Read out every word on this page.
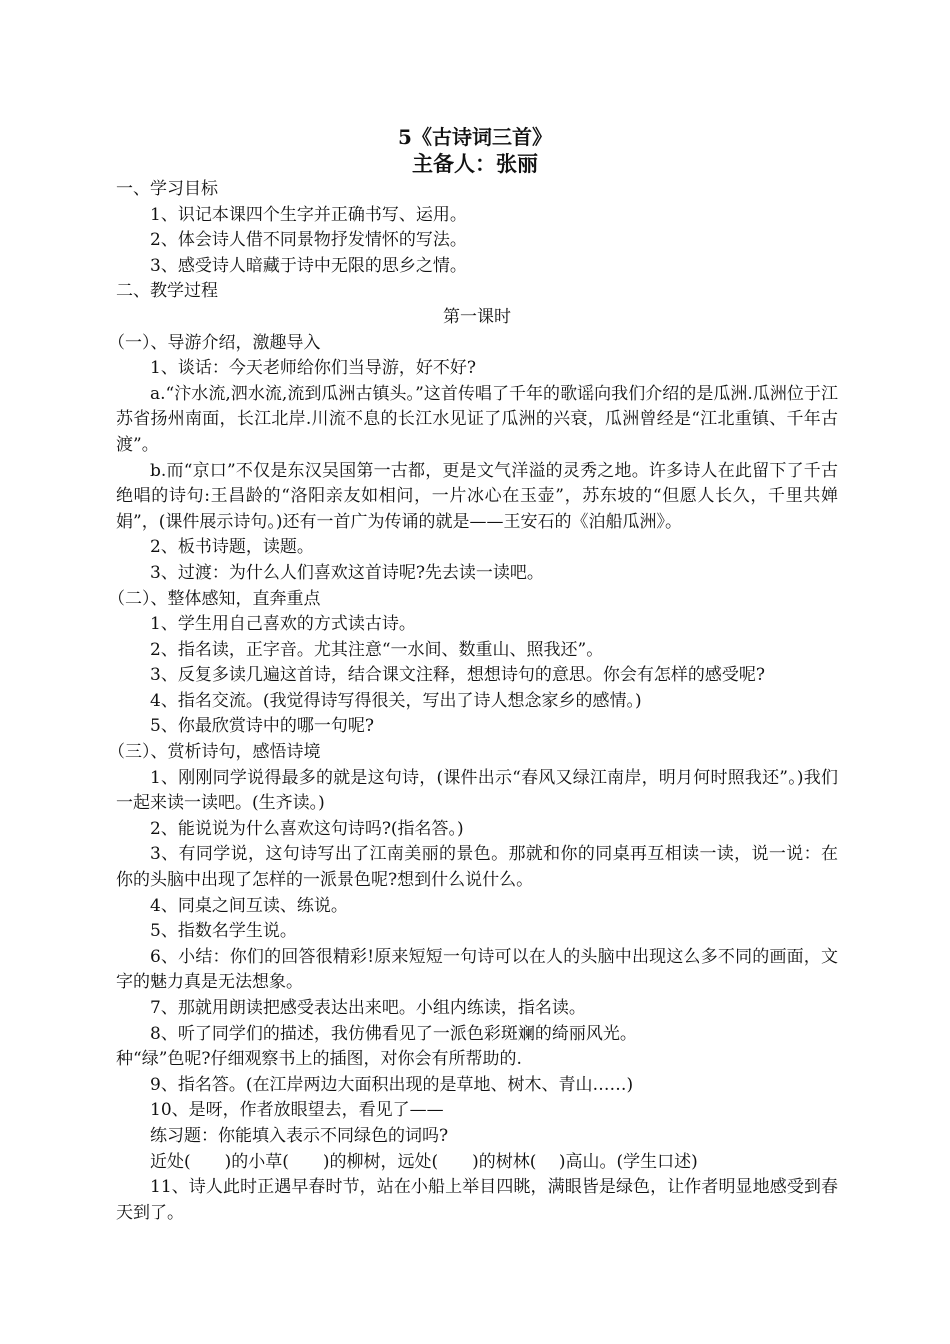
5《古诗词三首》
主备人：张丽

一、学习目标

1、识记本课四个生字并正确书写、运用。

2、体会诗人借不同景物抒发情怀的写法。

3、感受诗人暗藏于诗中无限的思乡之情。

二、教学过程

第一课时

（一）、导游介绍，激趣导入

1、谈话：今天老师给你们当导游，好不好?

a.“汴水流,泗水流,流到瓜洲古镇头。”这首传唱了千年的歌谣向我们介绍的是瓜洲.瓜洲位于江苏省扬州南面，长江北岸.川流不息的长江水见证了瓜洲的兴衰，瓜洲曾经是“江北重镇、千年古渡”。

b.而“京口”不仅是东汉吴国第一古都，更是文气洋溢的灵秀之地。许多诗人在此留下了千古绝唱的诗句:王昌龄的“洛阳亲友如相问，一片冰心在玉壶”，苏东坡的“但愿人长久，千里共婵娟”，(课件展示诗句。)还有一首广为传诵的就是——王安石的《泊船瓜洲》。

2、板书诗题，读题。

3、过渡：为什么人们喜欢这首诗呢?先去读一读吧。

（二）、整体感知，直奔重点

1、学生用自己喜欢的方式读古诗。

2、指名读，正字音。尤其注意“一水间、数重山、照我还”。

3、反复多读几遍这首诗，结合课文注释，想想诗句的意思。你会有怎样的感受呢?

4、指名交流。(我觉得诗写得很关，写出了诗人想念家乡的感情。)

5、你最欣赏诗中的哪一句呢?

（三）、赏析诗句，感悟诗境

1、刚刚同学说得最多的就是这句诗，(课件出示“春风又绿江南岸，明月何时照我还”。)我们一起来读一读吧。(生齐读。)

2、能说说为什么喜欢这句诗吗?(指名答。)

3、有同学说，这句诗写出了江南美丽的景色。那就和你的同桌再互相读一读，说一说：在你的头脑中出现了怎样的一派景色呢?想到什么说什么。

4、同桌之间互读、练说。

5、指数名学生说。

6、小结：你们的回答很精彩!原来短短一句诗可以在人的头脑中出现这么多不同的画面，文字的魅力真是无法想象。

7、那就用朗读把感受表达出来吧。小组内练读，指名读。

8、听了同学们的描述，我仿佛看见了一派色彩斑斓的绮丽风光。

种“绿”色呢?仔细观察书上的插图，对你会有所帮助的.

9、指名答。(在江岸两边大面积出现的是草地、树木、青山……)

10、是呀，作者放眼望去，看见了——

练习题：你能填入表示不同绿色的词吗?

近处(　　)的小草(　　)的柳树，远处(　　)的树林(　 )高山。(学生口述)

11、诗人此时正遇早春时节，站在小船上举目四眺，满眼皆是绿色，让作者明显地感受到春天到了。
